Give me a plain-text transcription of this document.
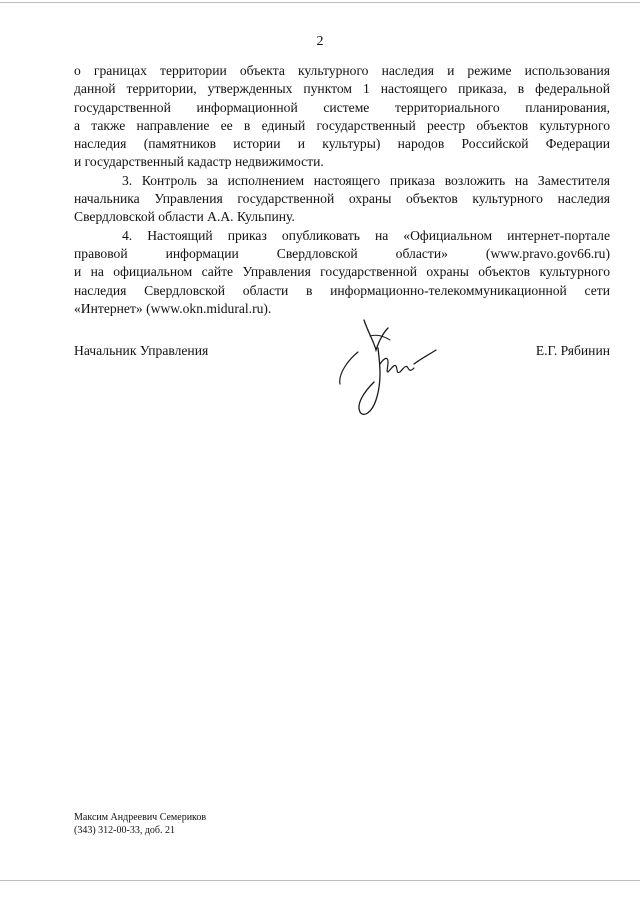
2

о границах территории объекта культурного наследия и режиме использования
данной территории, утвержденных пунктом 1 настоящего приказа, в федеральной
государственной информационной системе территориального планирования,
а также направление ее в единый государственный реестр объектов культурного
наследия (памятников истории и культуры) народов Российской Федерации
и государственный кадастр недвижимости.

3. Контроль за исполнением настоящего приказа возложить на Заместителя
начальника Управления государственной охраны объектов культурного наследия
Свердловской области А.А. Кульпину.

4. Настоящий приказ опубликовать на «Официальном интернет-портале
правовой информации Свердловской области» (www.pravo.gov66.ru)
и на официальном сайте Управления государственной охраны объектов культурного
наследия Свердловской области в информационно-телекоммуникационной сети
«Интернет» (www.okn.midural.ru).

Начальник Управления	Е.Г. Рябинин
Максим Андреевич Семериков
(343) 312-00-33, доб. 21
